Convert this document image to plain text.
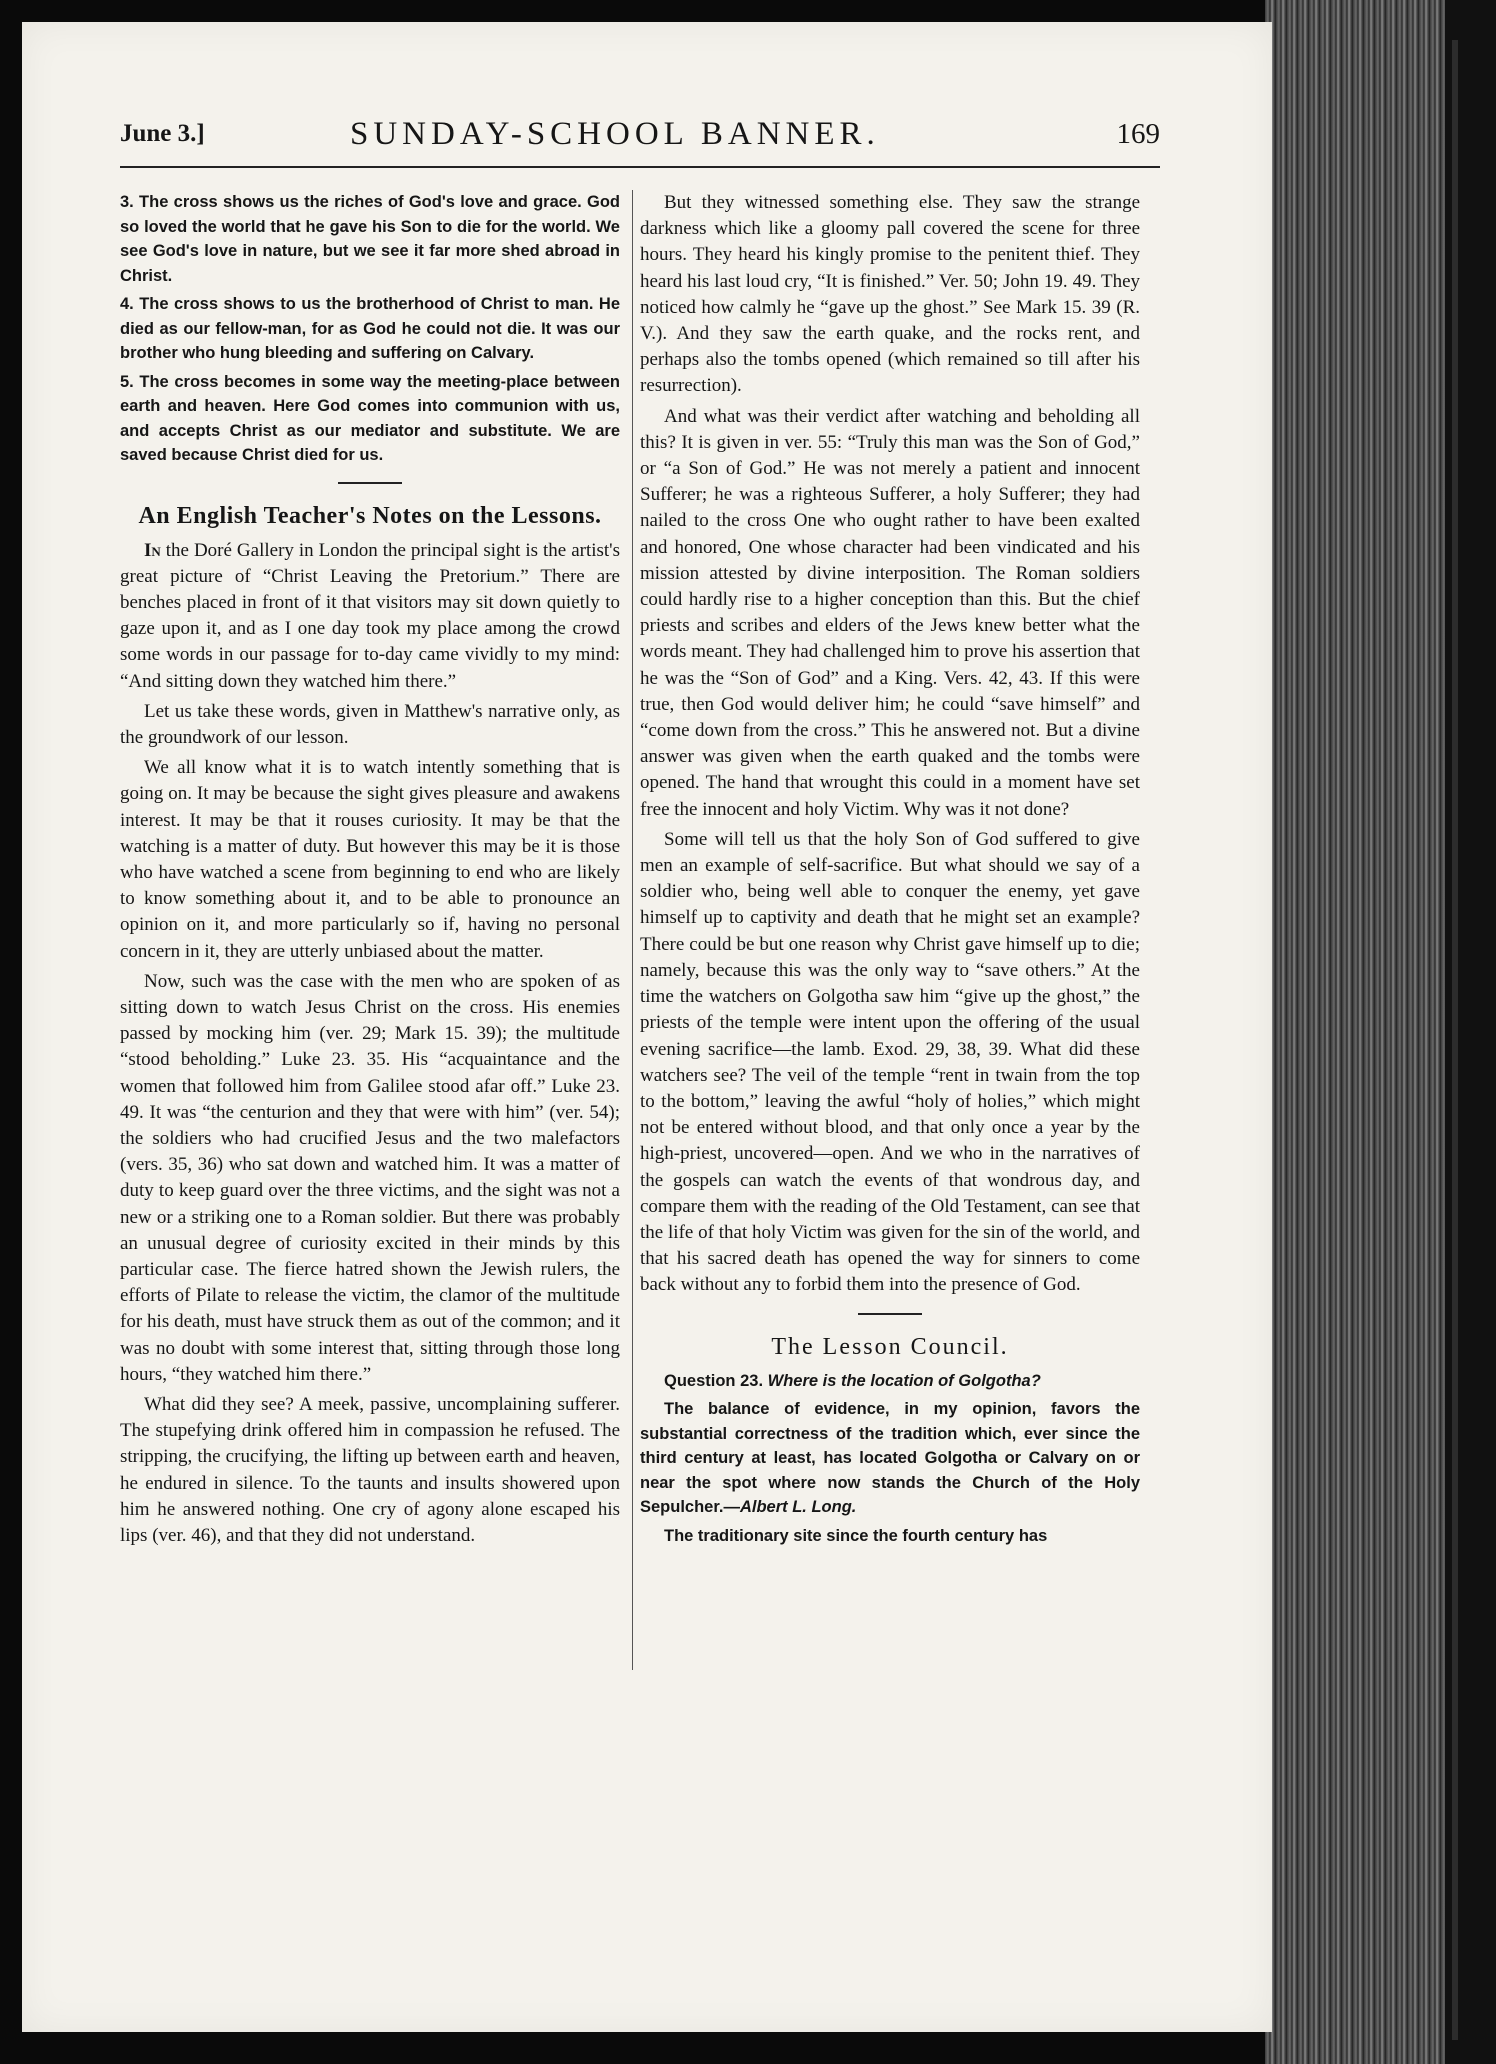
June 3.]	SUNDAY-SCHOOL BANNER.	169

3. The cross shows us the riches of God's love and grace. God so loved the world that he gave his Son to die for the world. We see God's love in nature, but we see it far more shed abroad in Christ.

4. The cross shows to us the brotherhood of Christ to man. He died as our fellow-man, for as God he could not die. It was our brother who hung bleeding and suffering on Calvary.

5. The cross becomes in some way the meeting-place between earth and heaven. Here God comes into communion with us, and accepts Christ as our mediator and substitute. We are saved because Christ died for us.

An English Teacher's Notes on the Lessons.

In the Doré Gallery in London the principal sight is the artist's great picture of “Christ Leaving the Pretorium.” There are benches placed in front of it that visitors may sit down quietly to gaze upon it, and as I one day took my place among the crowd some words in our passage for to-day came vividly to my mind: “And sitting down they watched him there.”

Let us take these words, given in Matthew's narrative only, as the groundwork of our lesson.

We all know what it is to watch intently something that is going on. It may be because the sight gives pleasure and awakens interest. It may be that it rouses curiosity. It may be that the watching is a matter of duty. But however this may be it is those who have watched a scene from beginning to end who are likely to know something about it, and to be able to pronounce an opinion on it, and more particularly so if, having no personal concern in it, they are utterly unbiased about the matter.

Now, such was the case with the men who are spoken of as sitting down to watch Jesus Christ on the cross. His enemies passed by mocking him (ver. 29; Mark 15. 39); the multitude “stood beholding.” Luke 23. 35. His “acquaintance and the women that followed him from Galilee stood afar off.” Luke 23. 49. It was “the centurion and they that were with him” (ver. 54); the soldiers who had crucified Jesus and the two malefactors (vers. 35, 36) who sat down and watched him. It was a matter of duty to keep guard over the three victims, and the sight was not a new or a striking one to a Roman soldier. But there was probably an unusual degree of curiosity excited in their minds by this particular case. The fierce hatred shown the Jewish rulers, the efforts of Pilate to release the victim, the clamor of the multitude for his death, must have struck them as out of the common; and it was no doubt with some interest that, sitting through those long hours, “they watched him there.”

What did they see? A meek, passive, uncomplaining sufferer. The stupefying drink offered him in compassion he refused. The stripping, the crucifying, the lifting up between earth and heaven, he endured in silence. To the taunts and insults showered upon him he answered nothing. One cry of agony alone escaped his lips (ver. 46), and that they did not understand.

But they witnessed something else. They saw the strange darkness which like a gloomy pall covered the scene for three hours. They heard his kingly promise to the penitent thief. They heard his last loud cry, “It is finished.” Ver. 50; John 19. 49. They noticed how calmly he “gave up the ghost.” See Mark 15. 39 (R. V.). And they saw the earth quake, and the rocks rent, and perhaps also the tombs opened (which remained so till after his resurrection).

And what was their verdict after watching and beholding all this? It is given in ver. 55: “Truly this man was the Son of God,” or “a Son of God.” He was not merely a patient and innocent Sufferer; he was a righteous Sufferer, a holy Sufferer; they had nailed to the cross One who ought rather to have been exalted and honored, One whose character had been vindicated and his mission attested by divine interposition. The Roman soldiers could hardly rise to a higher conception than this. But the chief priests and scribes and elders of the Jews knew better what the words meant. They had challenged him to prove his assertion that he was the “Son of God” and a King. Vers. 42, 43. If this were true, then God would deliver him; he could “save himself” and “come down from the cross.” This he answered not. But a divine answer was given when the earth quaked and the tombs were opened. The hand that wrought this could in a moment have set free the innocent and holy Victim. Why was it not done?

Some will tell us that the holy Son of God suffered to give men an example of self-sacrifice. But what should we say of a soldier who, being well able to conquer the enemy, yet gave himself up to captivity and death that he might set an example? There could be but one reason why Christ gave himself up to die; namely, because this was the only way to “save others.” At the time the watchers on Golgotha saw him “give up the ghost,” the priests of the temple were intent upon the offering of the usual evening sacrifice—the lamb. Exod. 29, 38, 39. What did these watchers see? The veil of the temple “rent in twain from the top to the bottom,” leaving the awful “holy of holies,” which might not be entered without blood, and that only once a year by the high-priest, uncovered—open. And we who in the narratives of the gospels can watch the events of that wondrous day, and compare them with the reading of the Old Testament, can see that the life of that holy Victim was given for the sin of the world, and that his sacred death has opened the way for sinners to come back without any to forbid them into the presence of God.

The Lesson Council.

Question 23. Where is the location of Golgotha?

The balance of evidence, in my opinion, favors the substantial correctness of the tradition which, ever since the third century at least, has located Golgotha or Calvary on or near the spot where now stands the Church of the Holy Sepulcher.—Albert L. Long.

The traditionary site since the fourth century has
